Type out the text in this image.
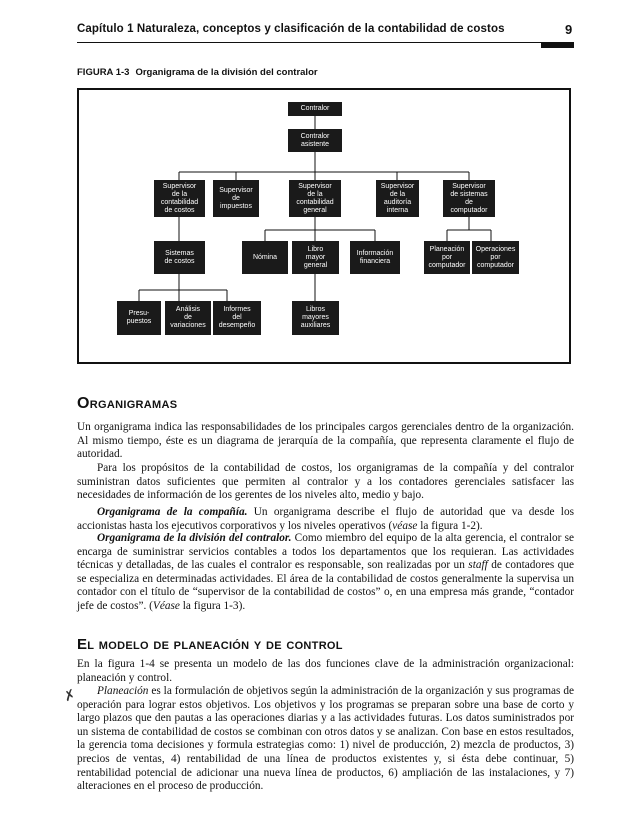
Capítulo 1 Naturaleza, conceptos y clasificación de la contabilidad de costos	9
FIGURA 1-3 Organigrama de la división del contralor
Contralor
Contralor
asistente
Supervisor
de la
contabilidad
de costos
Supervisor
de
impuestos
Supervisor
de la
contabilidad
general
Supervisor
de la
auditoría
interna
Supervisor
de sistemas
de
computador
Sistemas
de costos
Nómina
Libro
mayor
general
Información
financiera
Planeación
por
computador
Operaciones
por
computador
Presu-
puestos
Análisis
de
variaciones
Informes
del
desempeño
Libros
mayores
auxiliares
Organigramas

Un organigrama indica las responsabilidades de los principales cargos gerenciales dentro de la organización. Al mismo tiempo, éste es un diagrama de jerarquía de la compañía, que representa claramente el flujo de autoridad.

Para los propósitos de la contabilidad de costos, los organigramas de la compañía y del contralor suministran datos suficientes que permiten al contralor y a los contadores gerenciales satisfacer las necesidades de información de los gerentes de los niveles alto, medio y bajo.

Organigrama de la compañía. Un organigrama describe el flujo de autoridad que va desde los accionistas hasta los ejecutivos corporativos y los niveles operativos (véase la figura 1-2).

Organigrama de la división del contralor. Como miembro del equipo de la alta gerencia, el contralor se encarga de suministrar servicios contables a todos los departamentos que los requieran. Las actividades técnicas y detalladas, de las cuales el contralor es responsable, son realizadas por un staff de contadores que se especializa en determinadas actividades. El área de la contabilidad de costos generalmente la supervisa un contador con el título de “supervisor de la contabilidad de costos” o, en una empresa más grande, “contador jefe de costos”. (Véase la figura 1-3).

El modelo de planeación y de control

En la figura 1-4 se presenta un modelo de las dos funciones clave de la administración organizacional: planeación y control.

Planeación es la formulación de objetivos según la administración de la organización y sus programas de operación para lograr estos objetivos. Los objetivos y los programas se preparan sobre una base de corto y largo plazos que den pautas a las operaciones diarias y a las actividades futuras. Los datos suministrados por un sistema de contabilidad de costos se combinan con otros datos y se analizan. Con base en estos resultados, la gerencia toma decisiones y formula estrategias como: 1) nivel de producción, 2) mezcla de productos, 3) precios de ventas, 4) rentabilidad de una línea de productos existentes y, si ésta debe continuar, 5) rentabilidad potencial de adicionar una nueva línea de productos, 6) ampliación de las instalaciones, y 7) alteraciones en el proceso de producción.

✗
